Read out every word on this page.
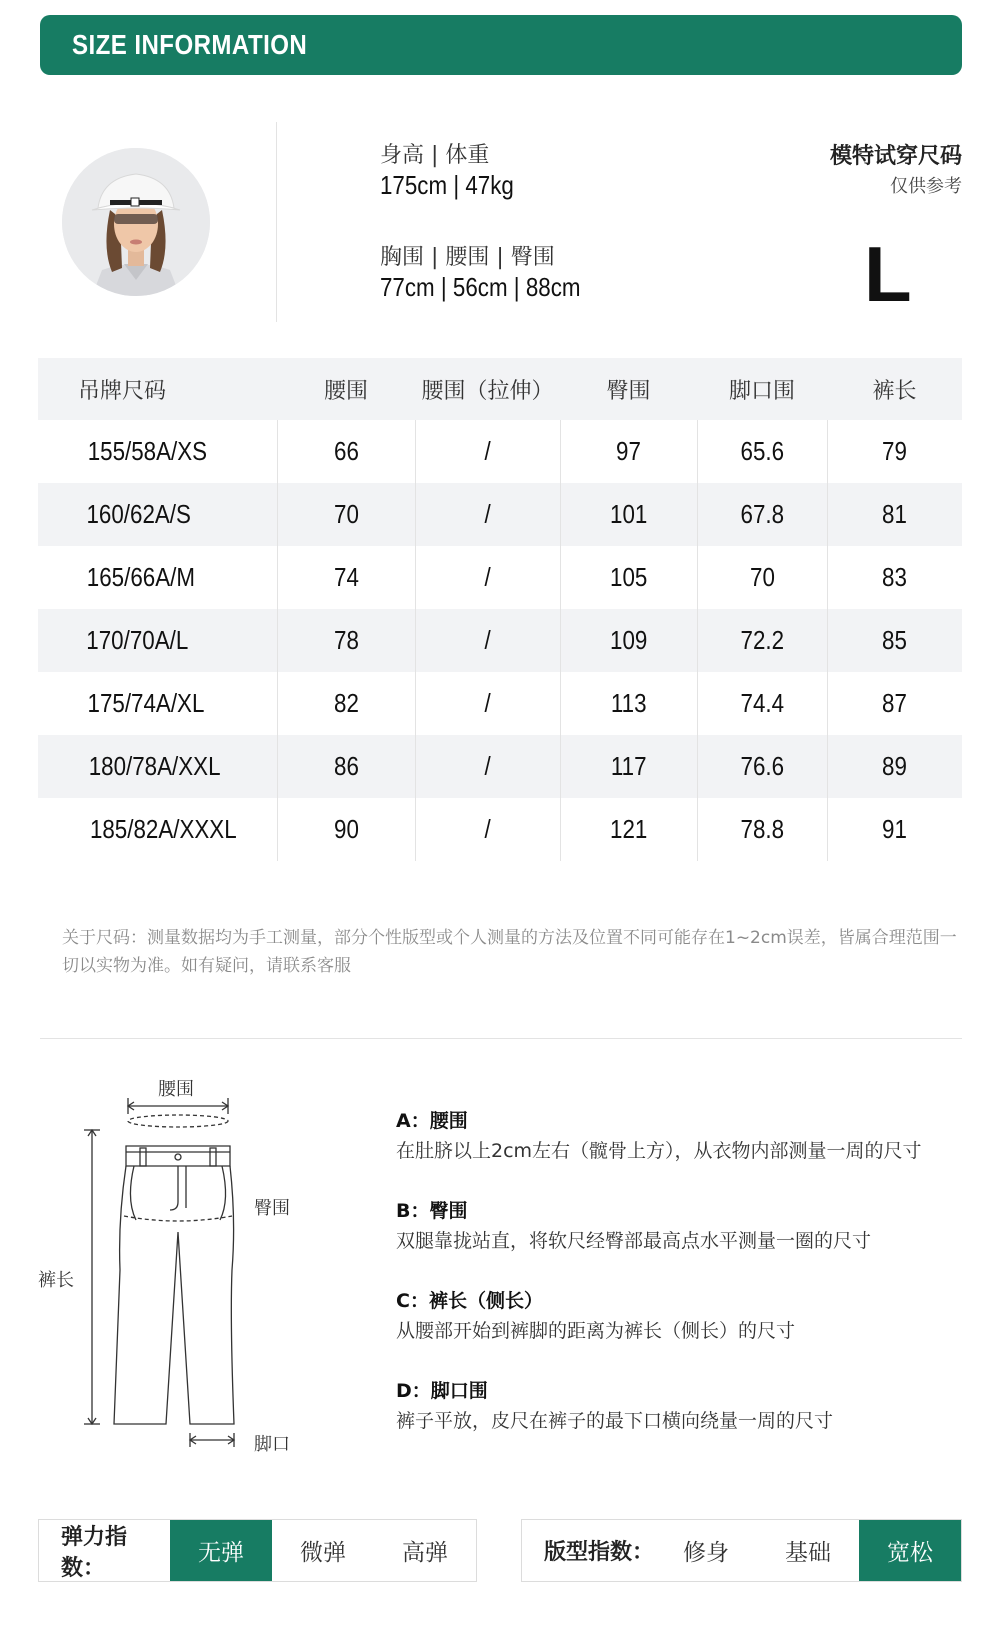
SIZE INFORMATION
身高 | 体重
175cm | 47kg
胸围 | 腰围 | 臀围
77cm | 56cm | 88cm
模特试穿尺码
仅供参考
L
吊牌尺码	腰围	腰围（拉伸）	臀围	脚口围	裤长
155/58A/XS	66	/	97	65.6	79
160/62A/S	70	/	101	67.8	81
165/66A/M	74	/	105	70	83
170/70A/L	78	/	109	72.2	85
175/74A/XL	82	/	113	74.4	87
180/78A/XXL	86	/	117	76.6	89
185/82A/XXXL	90	/	121	78.8	91
关于尺码：测量数据均为手工测量，部分个性版型或个人测量的方法及位置不同可能存在1~2cm误差，皆属合理范围一切以实物为准。如有疑问，请联系客服
腰围
臀围
裤长
脚口
A：腰围
在肚脐以上2cm左右（髋骨上方），从衣物内部测量一周的尺寸
B：臀围
双腿靠拢站直，将软尺经臀部最高点水平测量一圈的尺寸
C：裤长（侧长）
从腰部开始到裤脚的距离为裤长（侧长）的尺寸
D：脚口围
裤子平放，皮尺在裤子的最下口横向绕量一周的尺寸
弹力指数：
无弹	微弹	高弹	版型指数：	修身	基础	宽松
